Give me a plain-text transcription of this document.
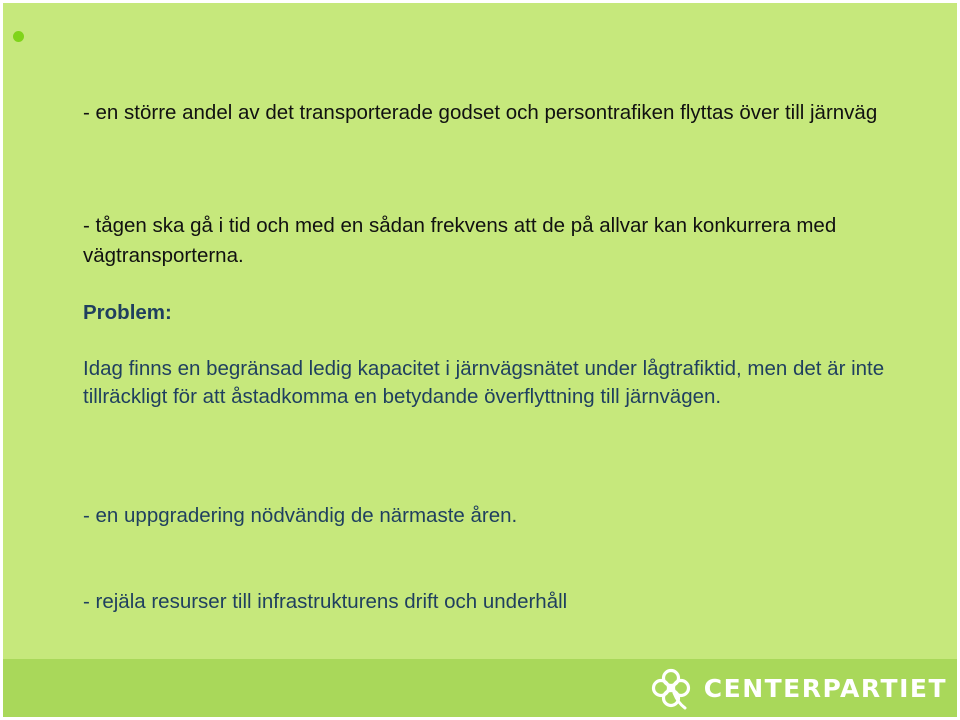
- en större andel av det transporterade godset och persontrafiken flyttas över till järnväg

- tågen ska gå i tid och med en sådan frekvens att de på allvar kan konkurrera med vägtransporterna.

Problem:

Idag finns en begränsad ledig kapacitet i järnvägsnätet under lågtrafiktid, men det är inte tillräckligt för att åstadkomma en betydande överflyttning till järnvägen.

- en uppgradering nödvändig de närmaste åren.

- rejäla resurser till infrastrukturens drift och underhåll

CENTERPARTIET
